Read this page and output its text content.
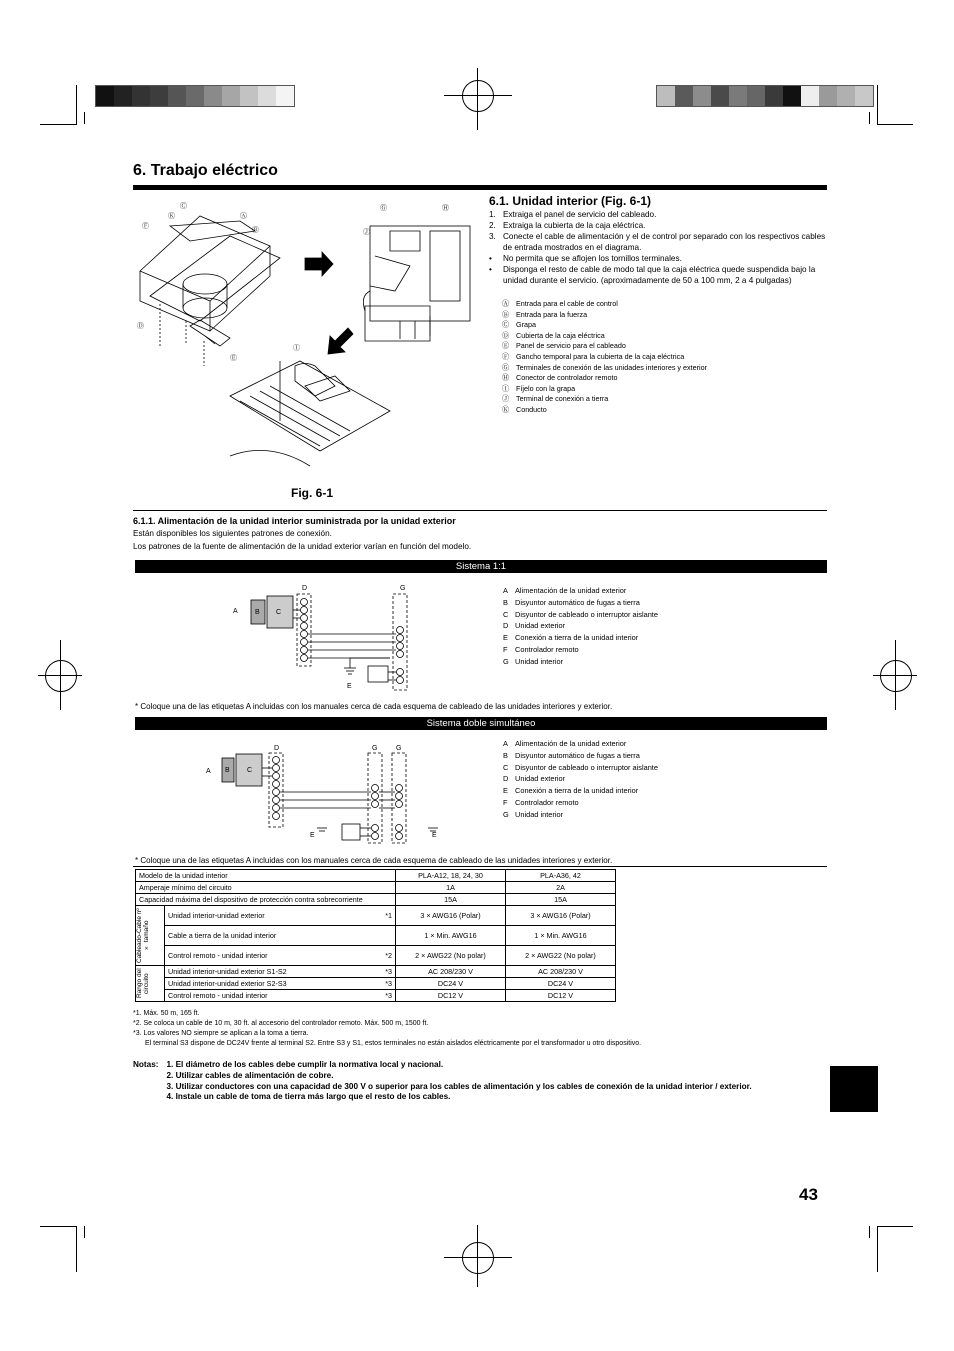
6. Trabajo eléctrico
Ⓒ
Ⓚ	Ⓐ
Ⓕ
Ⓑ
Ⓓ
Ⓔ
Ⓖ	Ⓗ
Ⓙ
Ⓘ
6.1. Unidad interior (Fig. 6-1)
1. Extraiga el panel de servicio del cableado.
2. Extraiga la cubierta de la caja eléctrica.
3. Conecte el cable de alimentación y el de control por separado con los respectivos cables de entrada mostrados en el diagrama.
•	No permita que se aflojen los tornillos terminales.
•	Disponga el resto de cable de modo tal que la caja eléctrica quede suspendida bajo la unidad durante el servicio. (aproximadamente de 50 a 100 mm, 2 a 4 pulgadas)
Ⓐ Entrada para el cable de control
Ⓑ Entrada para la fuerza
Ⓒ Grapa
Ⓓ Cubierta de la caja eléctrica
Ⓔ Panel de servicio para el cableado
Ⓕ Gancho temporal para la cubierta de la caja eléctrica
Ⓖ Terminales de conexión de las unidades interiores y exterior
Ⓗ Conector de controlador remoto
Ⓘ Fíjelo con la grapa
Ⓙ Terminal de conexión a tierra
Ⓚ Conducto
Fig. 6-1
6.1.1. Alimentación de la unidad interior suministrada por la unidad exterior
Están disponibles los siguientes patrones de conexión.
Los patrones de la fuente de alimentación de la unidad exterior varían en función del modelo.
Sistema 1:1
A
D	G
E
B C
A Alimentación de la unidad exterior
B Disyuntor automático de fugas a tierra
C Disyuntor de cableado o interruptor aislante
D Unidad exterior
E Conexión a tierra de la unidad interior
F	Controlador remoto
G Unidad interior
* Coloque una de las etiquetas A incluidas con los manuales cerca de cada esquema de cableado de las unidades interiores y exterior.
Sistema doble simultáneo
A
D	G	G
E	E
B C
A Alimentación de la unidad exterior
B Disyuntor automático de fugas a tierra
C Disyuntor de cableado o interruptor aislante
D Unidad exterior
E Conexión a tierra de la unidad interior
F	Controlador remoto
G Unidad interior
* Coloque una de las etiquetas A incluidas con los manuales cerca de cada esquema de cableado de las unidades interiores y exterior.
Modelo de la unidad interior			PLA-A12, 18, 24, 30	PLA-A36, 42
Amperaje mínimo del circuito			1A	2A
Capacidad máxima del dispositivo de protección contra sobrecorriente			15A	15A

Cableado-Cable nº × tamaño	Unidad interior-unidad exterior	*1	3 × AWG16 (Polar)	3 × AWG16 (Polar)
	Cable a tierra de la unidad interior		1 × Min. AWG16	1 × Min. AWG16
	Control remoto - unidad interior	*2	2 × AWG22 (No polar)	2 × AWG22 (No polar)

Rango del circuito	Unidad interior-unidad exterior S1-S2	*3	AC 208/230 V	AC 208/230 V
	Unidad interior-unidad exterior S2-S3	*3	DC24 V	DC24 V
	Control remoto - unidad interior	*3	DC12 V	DC12 V
*1. Máx. 50 m, 165 ft.
*2. Se coloca un cable de 10 m, 30 ft. al accesorio del controlador remoto. Máx. 500 m, 1500 ft.
*3. Los valores NO siempre se aplican a la toma a tierra.
El terminal S3 dispone de DC24V frente al terminal S2. Entre S3 y S1, estos terminales no están aislados eléctricamente por el transformador u otro dispositivo.
Notas: 1. El diámetro de los cables debe cumplir la normativa local y nacional.
2. Utilizar cables de alimentación de cobre.
3. Utilizar conductores con una capacidad de 300 V o superior para los cables de alimentación y los cables de conexión de la unidad interior / exterior.
4. Instale un cable de toma de tierra más largo que el resto de los cables.
43
